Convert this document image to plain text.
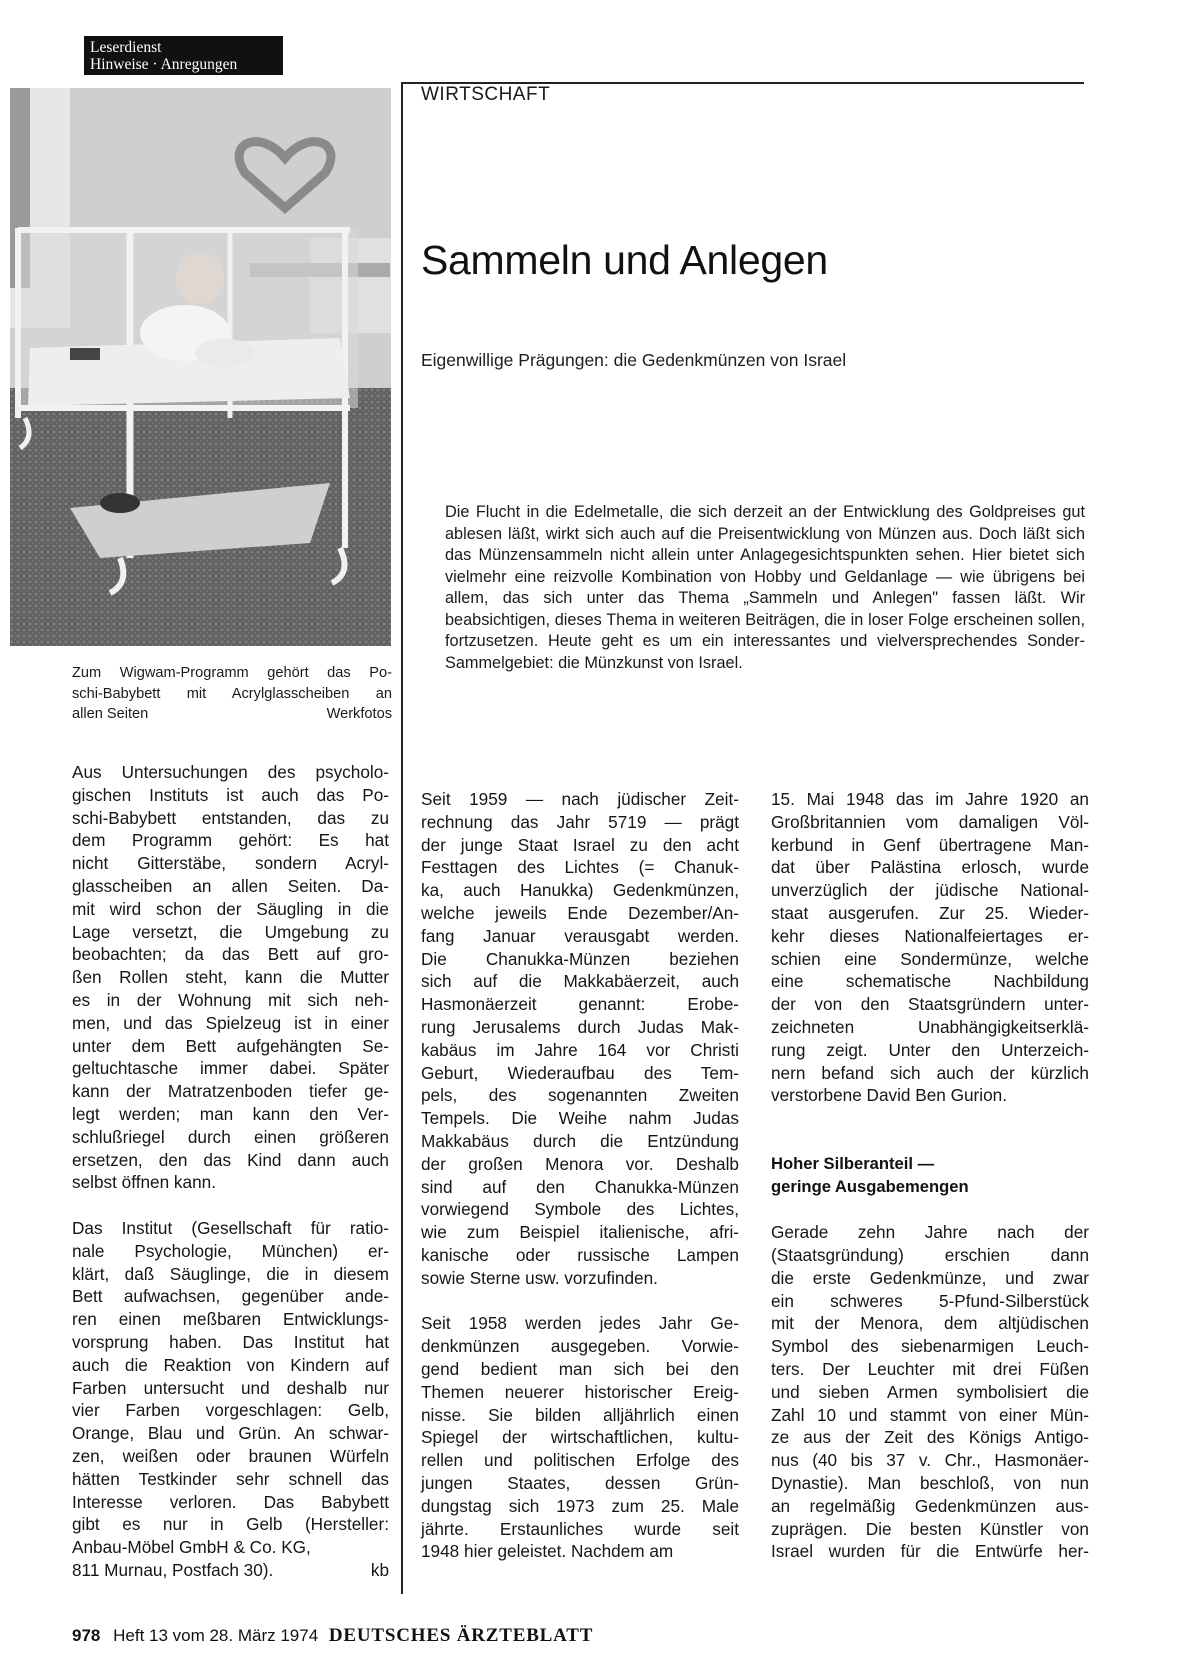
Leserdienst
Hinweise · Anregungen
WIRTSCHAFT
Sammeln und Anlegen
Eigenwillige Prägungen: die Gedenkmünzen von Israel
Zum Wigwam-Programm gehört das Po-
schi-Babybett mit Acrylglasscheiben an
allen Seiten	Werkfotos
Die Flucht in die Edelmetalle, die sich derzeit an der Entwicklung des Goldpreises gut ablesen läßt, wirkt sich auch auf die Preisentwicklung von Münzen aus. Doch läßt sich das Münzensammeln nicht allein unter Anlagegesichtspunkten sehen. Hier bietet sich vielmehr eine reizvolle Kombination von Hobby und Geldanlage — wie übrigens bei allem, das sich unter das Thema „Sammeln und Anlegen" fassen läßt. Wir beabsichtigen, dieses Thema in weiteren Beiträgen, die in loser Folge erscheinen sollen, fortzusetzen. Heute geht es um ein interessantes und vielversprechendes Sonder-Sammelgebiet: die Münzkunst von Israel.
Aus Untersuchungen des psycholo-
gischen Instituts ist auch das Po-
schi-Babybett entstanden, das zu
dem Programm gehört: Es hat
nicht Gitterstäbe, sondern Acryl-
glasscheiben an allen Seiten. Da-
mit wird schon der Säugling in die
Lage versetzt, die Umgebung zu
beobachten; da das Bett auf gro-
ßen Rollen steht, kann die Mutter
es in der Wohnung mit sich neh-
men, und das Spielzeug ist in einer
unter dem Bett aufgehängten Se-
geltuchtasche immer dabei. Später
kann der Matratzenboden tiefer ge-
legt werden; man kann den Ver-
schlußriegel durch einen größeren
ersetzen, den das Kind dann auch
selbst öffnen kann.
Das Institut (Gesellschaft für ratio-
nale Psychologie, München) er-
klärt, daß Säuglinge, die in diesem
Bett aufwachsen, gegenüber ande-
ren einen meßbaren Entwicklungs-
vorsprung haben. Das Institut hat
auch die Reaktion von Kindern auf
Farben untersucht und deshalb nur
vier Farben vorgeschlagen: Gelb,
Orange, Blau und Grün. An schwar-
zen, weißen oder braunen Würfeln
hätten Testkinder sehr schnell das
Interesse verloren. Das Babybett
gibt es nur in Gelb (Hersteller:
Anbau-Möbel GmbH & Co. KG,
811 Murnau, Postfach 30).	kb
Seit 1959 — nach jüdischer Zeit-
rechnung das Jahr 5719 — prägt
der junge Staat Israel zu den acht
Festtagen des Lichtes (= Chanuk-
ka, auch Hanukka) Gedenkmünzen,
welche jeweils Ende Dezember/An-
fang Januar verausgabt werden.
Die Chanukka-Münzen beziehen
sich auf die Makkabäerzeit, auch
Hasmonäerzeit genannt: Erobe-
rung Jerusalems durch Judas Mak-
kabäus im Jahre 164 vor Christi
Geburt, Wiederaufbau des Tem-
pels, des sogenannten Zweiten
Tempels. Die Weihe nahm Judas
Makkabäus durch die Entzündung
der großen Menora vor. Deshalb
sind auf den Chanukka-Münzen
vorwiegend Symbole des Lichtes,
wie zum Beispiel italienische, afri-
kanische oder russische Lampen
sowie Sterne usw. vorzufinden.
Seit 1958 werden jedes Jahr Ge-
denkmünzen ausgegeben. Vorwie-
gend bedient man sich bei den
Themen neuerer historischer Ereig-
nisse. Sie bilden alljährlich einen
Spiegel der wirtschaftlichen, kultu-
rellen und politischen Erfolge des
jungen Staates, dessen Grün-
dungstag sich 1973 zum 25. Male
jährte. Erstaunliches wurde seit
1948 hier geleistet. Nachdem am
15. Mai 1948 das im Jahre 1920 an
Großbritannien vom damaligen Völ-
kerbund in Genf übertragene Man-
dat über Palästina erlosch, wurde
unverzüglich der jüdische National-
staat ausgerufen. Zur 25. Wieder-
kehr dieses Nationalfeiertages er-
schien eine Sondermünze, welche
eine schematische Nachbildung
der von den Staatsgründern unter-
zeichneten Unabhängigkeitserklä-
rung zeigt. Unter den Unterzeich-
nern befand sich auch der kürzlich
verstorbene David Ben Gurion.
Hoher Silberanteil —
geringe Ausgabemengen
Gerade zehn Jahre nach der
(Staatsgründung) erschien dann
die erste Gedenkmünze, und zwar
ein schweres 5-Pfund-Silberstück
mit der Menora, dem altjüdischen
Symbol des siebenarmigen Leuch-
ters. Der Leuchter mit drei Füßen
und sieben Armen symbolisiert die
Zahl 10 und stammt von einer Mün-
ze aus der Zeit des Königs Antigo-
nus (40 bis 37 v. Chr., Hasmonäer-
Dynastie). Man beschloß, von nun
an regelmäßig Gedenkmünzen aus-
zuprägen. Die besten Künstler von
Israel wurden für die Entwürfe her-
978 Heft 13 vom 28. März 1974 DEUTSCHES ÄRZTEBLATT
